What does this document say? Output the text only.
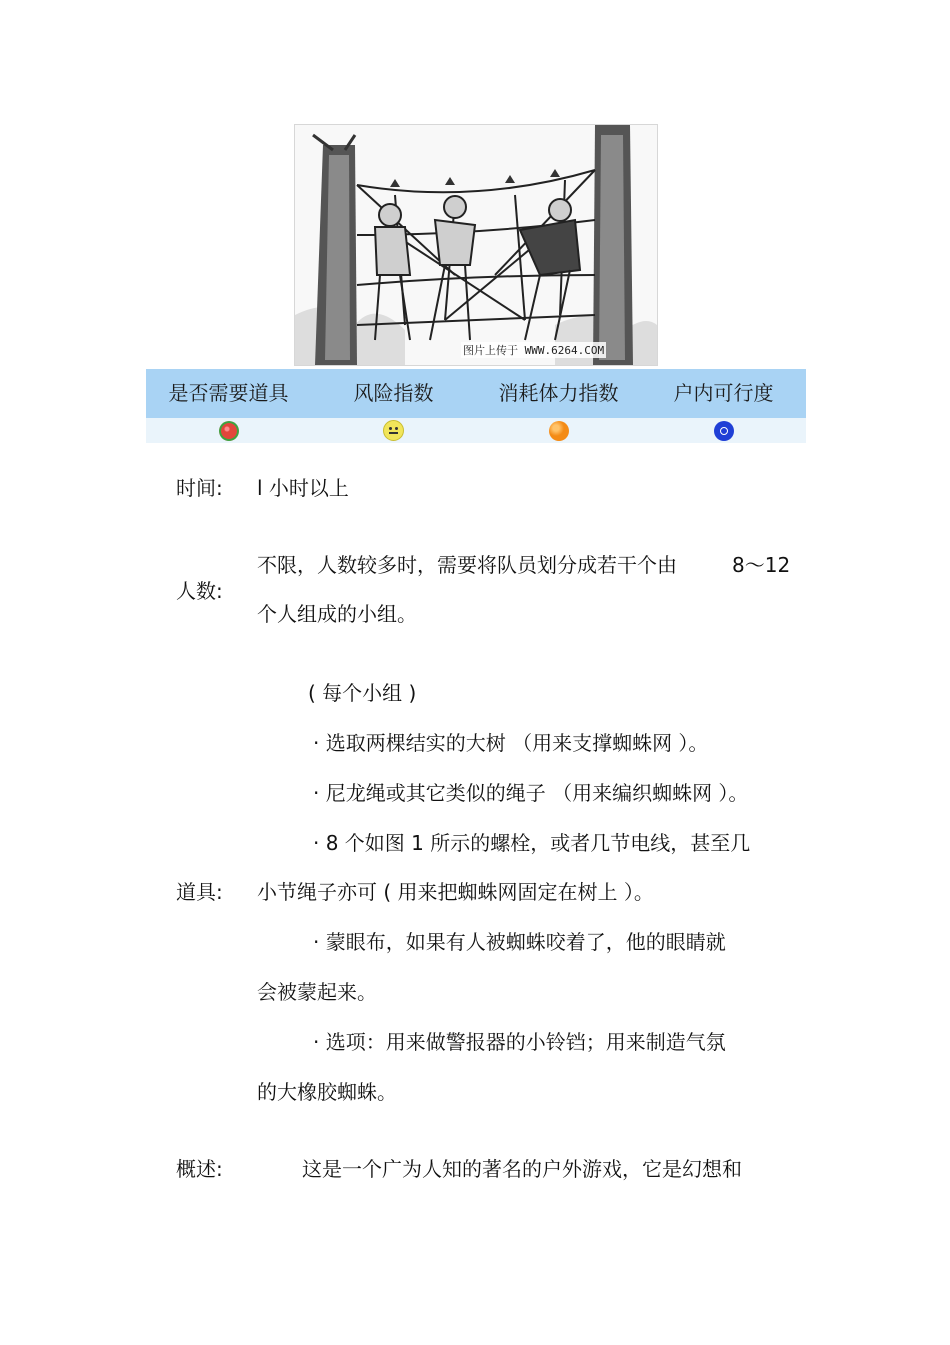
图片上传于 WWW.6264.COM
是否需要道具	风险指数	消耗体力指数	户内可行度
时间: l 小时以上
不限，人数较多时，需要将队员划分成若干个由	8～12
人数:
个人组成的小组。
( 每个小组 )
· 选取两棵结实的大树 （用来支撑蜘蛛网 ）。
· 尼龙绳或其它类似的绳子 （用来编织蜘蛛网 ）。
· 8 个如图 1 所示的螺栓，或者几节电线，甚至几
道具: 小节绳子亦可 ( 用来把蜘蛛网固定在树上 ）。
· 蒙眼布，如果有人被蜘蛛咬着了，他的眼睛就
会被蒙起来。
· 选项：用来做警报器的小铃铛；用来制造气氛
的大橡胶蜘蛛。
概述:	这是一个广为人知的著名的户外游戏，它是幻想和
